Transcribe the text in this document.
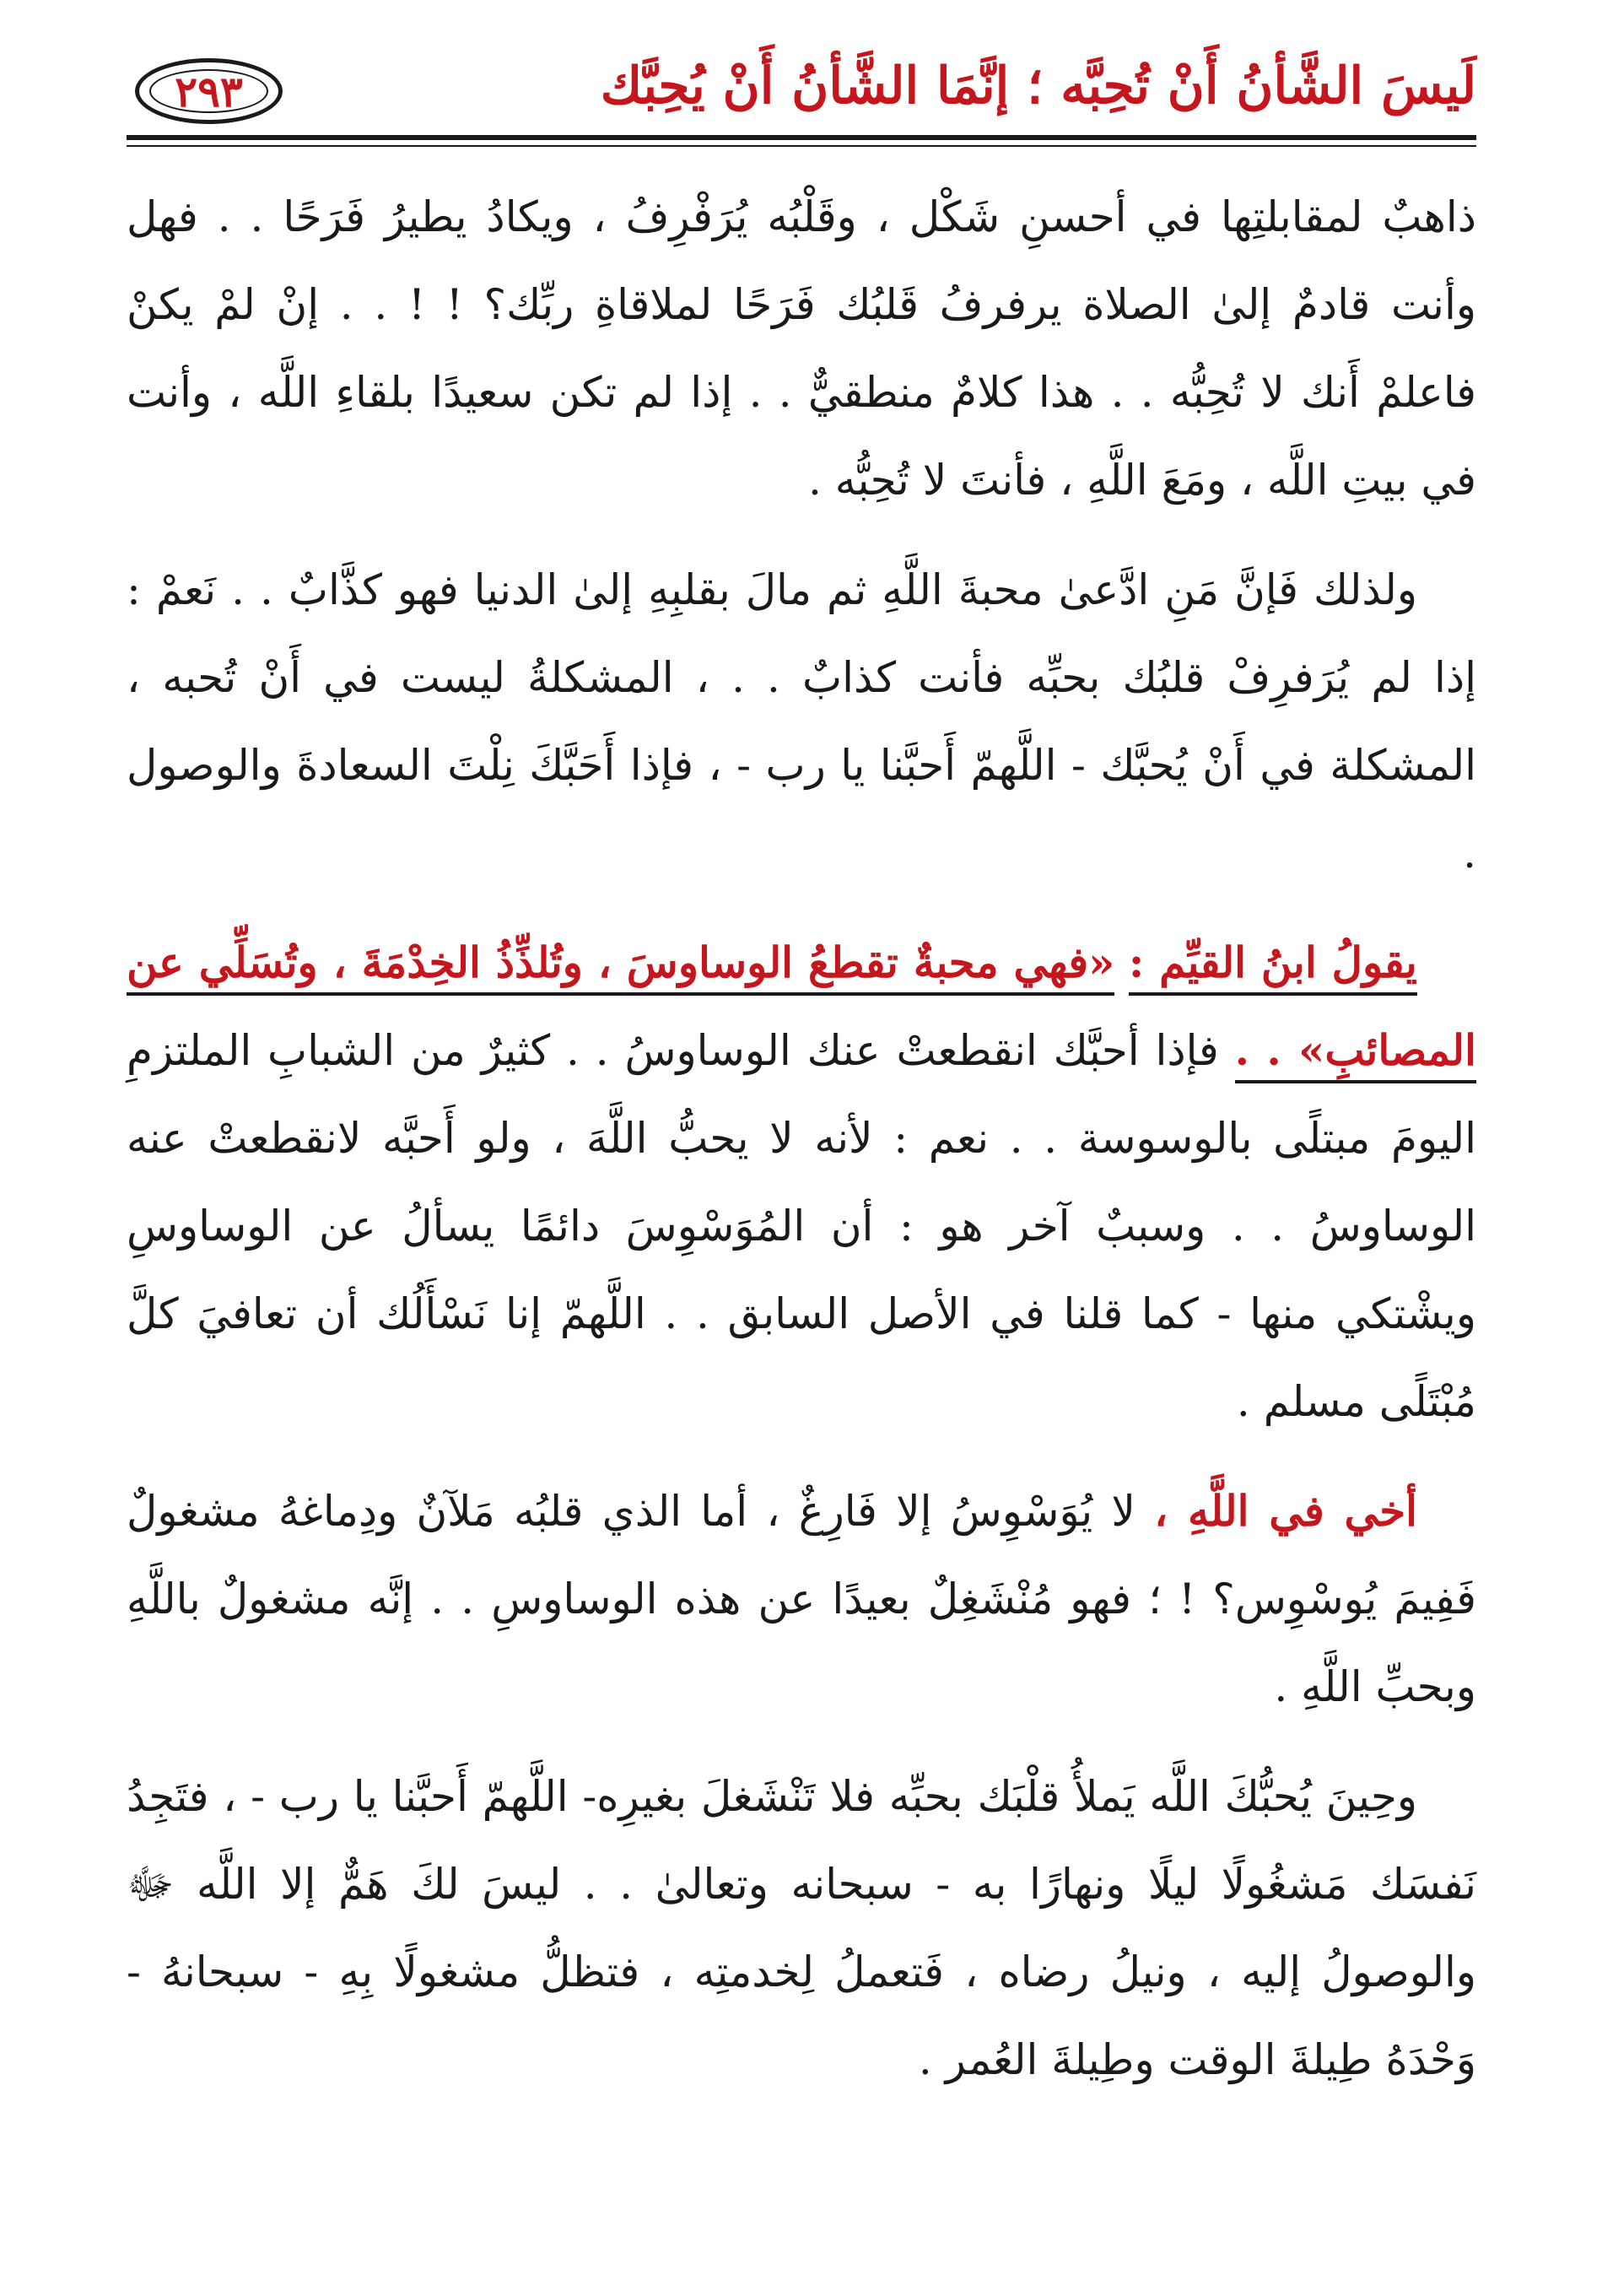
لَيسَ الشَّأنُ أَنْ تُحِبَّه ؛ إنَّمَا الشَّأنُ أَنْ يُحِبَّك
٢٩٣

ذاهبٌ لمقابلتِها في أحسنِ شَكْل ، وقَلْبُه يُرَفْرِفُ ، ويكادُ يطيرُ فَرَحًا . . فهل وأنت قادمٌ إلىٰ الصلاة يرفرفُ قَلبُك فَرَحًا لملاقاةِ ربِّك؟ ! ! . . إنْ لمْ يكنْ فاعلمْ أَنك لا تُحِبُّه . . هذا كلامٌ منطقيٌّ . . إذا لم تكن سعيدًا بلقاءِ اللَّه ، وأنت في بيتِ اللَّه ، ومَعَ اللَّهِ ، فأنتَ لا تُحِبُّه .

ولذلك فَإنَّ مَنِ ادَّعىٰ محبةَ اللَّهِ ثم مالَ بقلبِهِ إلىٰ الدنيا فهو كذَّابٌ . . نَعمْ : إذا لم يُرَفرِفْ قلبُك بحبِّه فأنت كذابٌ . . ، المشكلةُ ليست في أَنْ تُحبه ، المشكلة في أَنْ يُحبَّك - اللَّهمّ أَحبَّنا يا رب - ، فإذا أَحَبَّكَ نِلْتَ السعادةَ والوصول .

يقولُ ابنُ القيِّم : «فهي محبةٌ تقطعُ الوساوسَ ، وتُلذِّذُ الخِدْمَةَ ، وتُسَلِّي عن المصائبِ» . . فإذا أحبَّك انقطعتْ عنك الوساوسُ . . كثيرٌ من الشبابِ الملتزمِ اليومَ مبتلًى بالوسوسة . . نعم : لأنه لا يحبُّ اللَّهَ ، ولو أَحبَّه لانقطعتْ عنه الوساوسُ . . وسببٌ آخر هو : أن المُوَسْوِسَ دائمًا يسألُ عن الوساوسِ ويشْتكي منها - كما قلنا في الأصل السابق . . اللَّهمّ إنا نَسْأَلُك أن تعافيَ كلَّ مُبْتَلًى مسلم .

أخي في اللَّهِ ، لا يُوَسْوِسُ إلا فَارِغٌ ، أما الذي قلبُه مَلآنٌ ودِماغهُ مشغولٌ فَفِيمَ يُوسْوِس؟ ! ؛ فهو مُنْشَغِلٌ بعيدًا عن هذه الوساوسِ . . إنَّه مشغولٌ باللَّهِ وبحبِّ اللَّهِ .

وحِينَ يُحبُّكَ اللَّه يَملأُ قلْبَك بحبِّه فلا تَنْشَغلَ بغيرِه- اللَّهمّ أَحبَّنا يا رب - ، فتَجِدُ نَفسَك مَشغُولًا ليلًا ونهارًا به - سبحانه وتعالىٰ . . ليسَ لكَ هَمٌّ إلا اللَّه ﷻ والوصولُ إليه ، ونيلُ رضاه ، فَتعملُ لِخدمتِه ، فتظلُّ مشغولًا بِهِ - سبحانهُ - وَحْدَهُ طِيلةَ الوقت وطِيلةَ العُمر .
